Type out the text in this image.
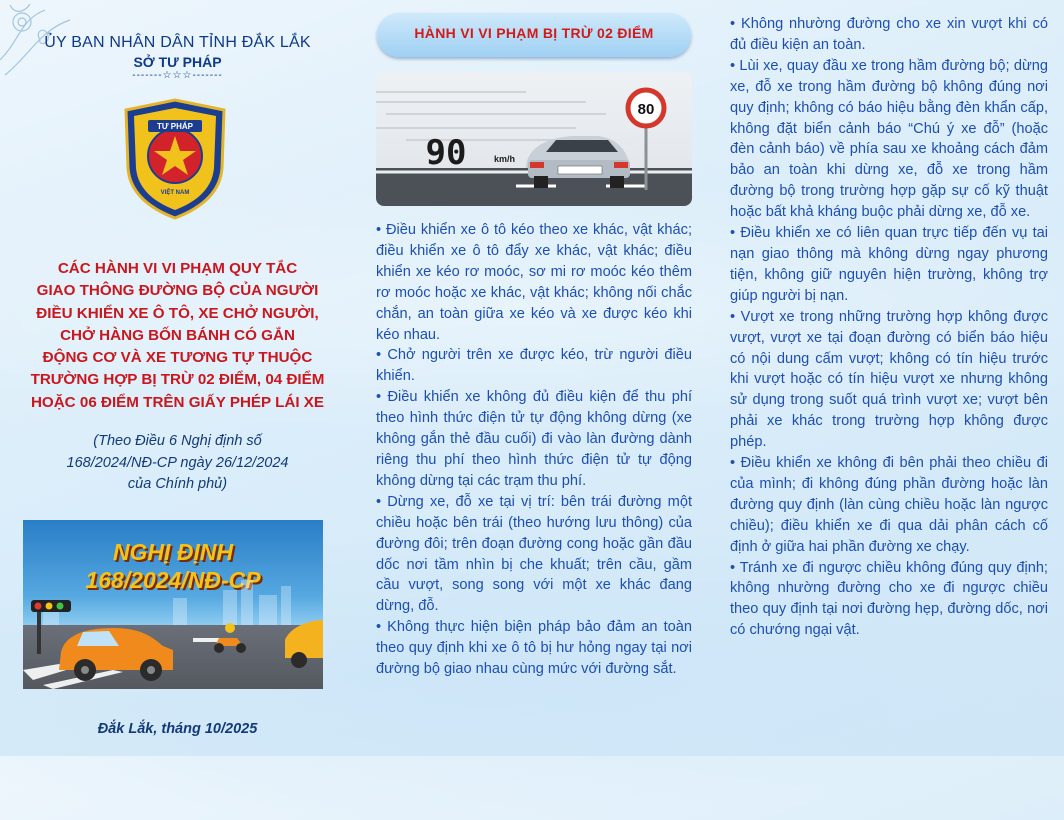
ỦY BAN NHÂN DÂN TỈNH ĐẮK LẮK
SỞ TƯ PHÁP
-------☆☆☆-------
TƯ PHÁP
VIỆT NAM
CÁC HÀNH VI VI PHẠM QUY TẮC
GIAO THÔNG ĐƯỜNG BỘ CỦA NGƯỜI
ĐIỀU KHIỂN XE Ô TÔ, XE CHỞ NGƯỜI,
CHỞ HÀNG BỐN BÁNH CÓ GẮN
ĐỘNG CƠ VÀ XE TƯƠNG TỰ THUỘC
TRƯỜNG HỢP BỊ TRỪ 02 ĐIỂM, 04 ĐIỂM
HOẶC 06 ĐIỂM TRÊN GIẤY PHÉP LÁI XE
(Theo Điều 6 Nghị định số
168/2024/NĐ-CP ngày 26/12/2024
của Chính phủ)
NGHỊ ĐỊNH
168/2024/NĐ-CP
Đắk Lắk, tháng 10/2025
HÀNH VI VI PHẠM BỊ TRỪ 02 ĐIỂM
80
90	km/h

• Điều khiển xe ô tô kéo theo xe khác, vật khác; điều khiển xe ô tô đẩy xe khác, vật khác; điều khiển xe kéo rơ moóc, sơ mi rơ moóc kéo thêm rơ moóc hoặc xe khác, vật khác; không nối chắc chắn, an toàn giữa xe kéo và xe được kéo khi kéo nhau.

• Chở người trên xe được kéo, trừ người điều khiển.

• Điều khiển xe không đủ điều kiện để thu phí theo hình thức điện tử tự động không dừng (xe không gắn thẻ đầu cuối) đi vào làn đường dành riêng thu phí theo hình thức điện tử tự động không dừng tại các trạm thu phí.

• Dừng xe, đỗ xe tại vị trí: bên trái đường một chiều hoặc bên trái (theo hướng lưu thông) của đường đôi; trên đoạn đường cong hoặc gần đầu dốc nơi tầm nhìn bị che khuất; trên cầu, gầm cầu vượt, song song với một xe khác đang dừng, đỗ.

• Không thực hiện biện pháp bảo đảm an toàn theo quy định khi xe ô tô bị hư hỏng ngay tại nơi đường bộ giao nhau cùng mức với đường sắt.

• Không nhường đường cho xe xin vượt khi có đủ điều kiện an toàn.

• Lùi xe, quay đầu xe trong hầm đường bộ; dừng xe, đỗ xe trong hầm đường bộ không đúng nơi quy định; không có báo hiệu bằng đèn khẩn cấp, không đặt biển cảnh báo “Chú ý xe đỗ” (hoặc đèn cảnh báo) về phía sau xe khoảng cách đảm bảo an toàn khi dừng xe, đỗ xe trong hầm đường bộ trong trường hợp gặp sự cố kỹ thuật hoặc bất khả kháng buộc phải dừng xe, đỗ xe.

• Điều khiển xe có liên quan trực tiếp đến vụ tai nạn giao thông mà không dừng ngay phương tiện, không giữ nguyên hiện trường, không trợ giúp người bị nạn.

• Vượt xe trong những trường hợp không được vượt, vượt xe tại đoạn đường có biển báo hiệu có nội dung cấm vượt; không có tín hiệu trước khi vượt hoặc có tín hiệu vượt xe nhưng không sử dụng trong suốt quá trình vượt xe; vượt bên phải xe khác trong trường hợp không được phép.

• Điều khiển xe không đi bên phải theo chiều đi của mình; đi không đúng phần đường hoặc làn đường quy định (làn cùng chiều hoặc làn ngược chiều); điều khiển xe đi qua dải phân cách cố định ở giữa hai phần đường xe chạy.

• Tránh xe đi ngược chiều không đúng quy định; không nhường đường cho xe đi ngược chiều theo quy định tại nơi đường hẹp, đường dốc, nơi có chướng ngại vật.
